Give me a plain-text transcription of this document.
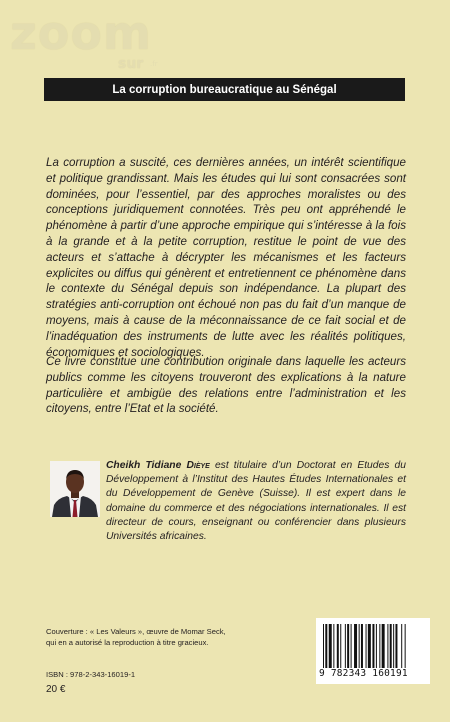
zoom
sur .fr
La corruption bureaucratique au Sénégal

La corruption a suscité, ces dernières années, un intérêt scientifique et politique grandissant. Mais les études qui lui sont consacrées sont dominées, pour l’essentiel, par des approches moralistes ou des conceptions juridiquement connotées. Très peu ont appréhendé le phénomène à partir d’une approche empirique qui s’intéresse à la fois à la grande et à la petite corruption, restitue le point de vue des acteurs et s’attache à décrypter les mécanismes et les facteurs explicites ou diffus qui génèrent et entretiennent ce phénomène dans le contexte du Sénégal depuis son indépendance. La plupart des stratégies anti-corruption ont échoué non pas du fait d’un manque de moyens, mais à cause de la méconnaissance de ce fait social et de l’inadéquation des instruments de lutte avec les réalités politiques, économiques et sociologiques.

Ce livre constitue une contribution originale dans laquelle les acteurs publics comme les citoyens trouveront des explications à la nature particulière et ambigüe des relations entre l’administration et les citoyens, entre l’Etat et la société.

Cheikh Tidiane Dièye est titulaire d’un Doctorat en Etudes du Développement à l’Institut des Hautes Études Internationales et du Développement de Genève (Suisse). Il est expert dans le domaine du commerce et des négociations internationales. Il est directeur de cours, enseignant ou conférencier dans plusieurs Universités africaines.

Couverture : « Les Valeurs », œuvre de Momar Seck,
qui en a autorisé la reproduction à titre gracieux.
ISBN : 978-2-343-16019-1
20 €
9 782343 160191
